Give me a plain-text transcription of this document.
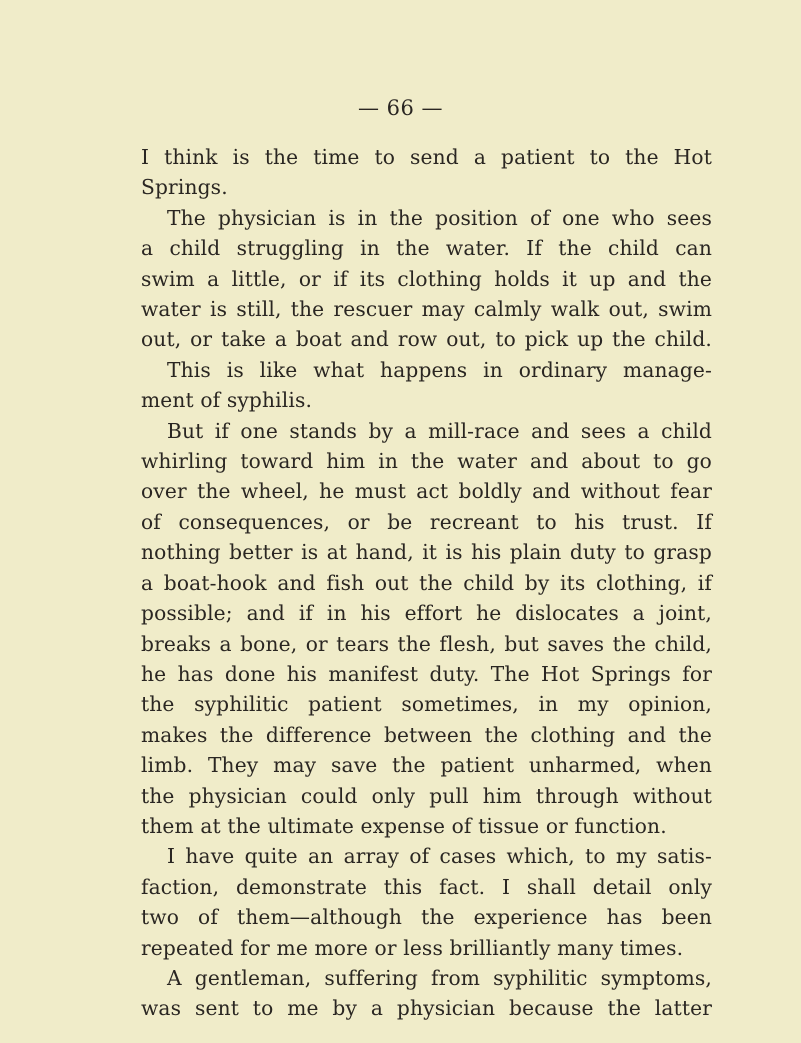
— 66 —
I think is the time to send a patient to the Hot
Springs.
The physician is in the position of one who sees
a child struggling in the water. If the child can
swim a little, or if its clothing holds it up and the
water is still, the rescuer may calmly walk out, swim
out, or take a boat and row out, to pick up the child.
This is like what happens in ordinary manage-
ment of syphilis.
But if one stands by a mill-race and sees a child
whirling toward him in the water and about to go
over the wheel, he must act boldly and without fear
of consequences, or be recreant to his trust. If
nothing better is at hand, it is his plain duty to grasp
a boat-hook and fish out the child by its clothing, if
possible; and if in his effort he dislocates a joint,
breaks a bone, or tears the flesh, but saves the child,
he has done his manifest duty. The Hot Springs for
the syphilitic patient sometimes, in my opinion,
makes the difference between the clothing and the
limb. They may save the patient unharmed, when
the physician could only pull him through without
them at the ultimate expense of tissue or function.
I have quite an array of cases which, to my satis-
faction, demonstrate this fact. I shall detail only
two of them—although the experience has been
repeated for me more or less brilliantly many times.
A gentleman, suffering from syphilitic symptoms,
was sent to me by a physician because the latter
